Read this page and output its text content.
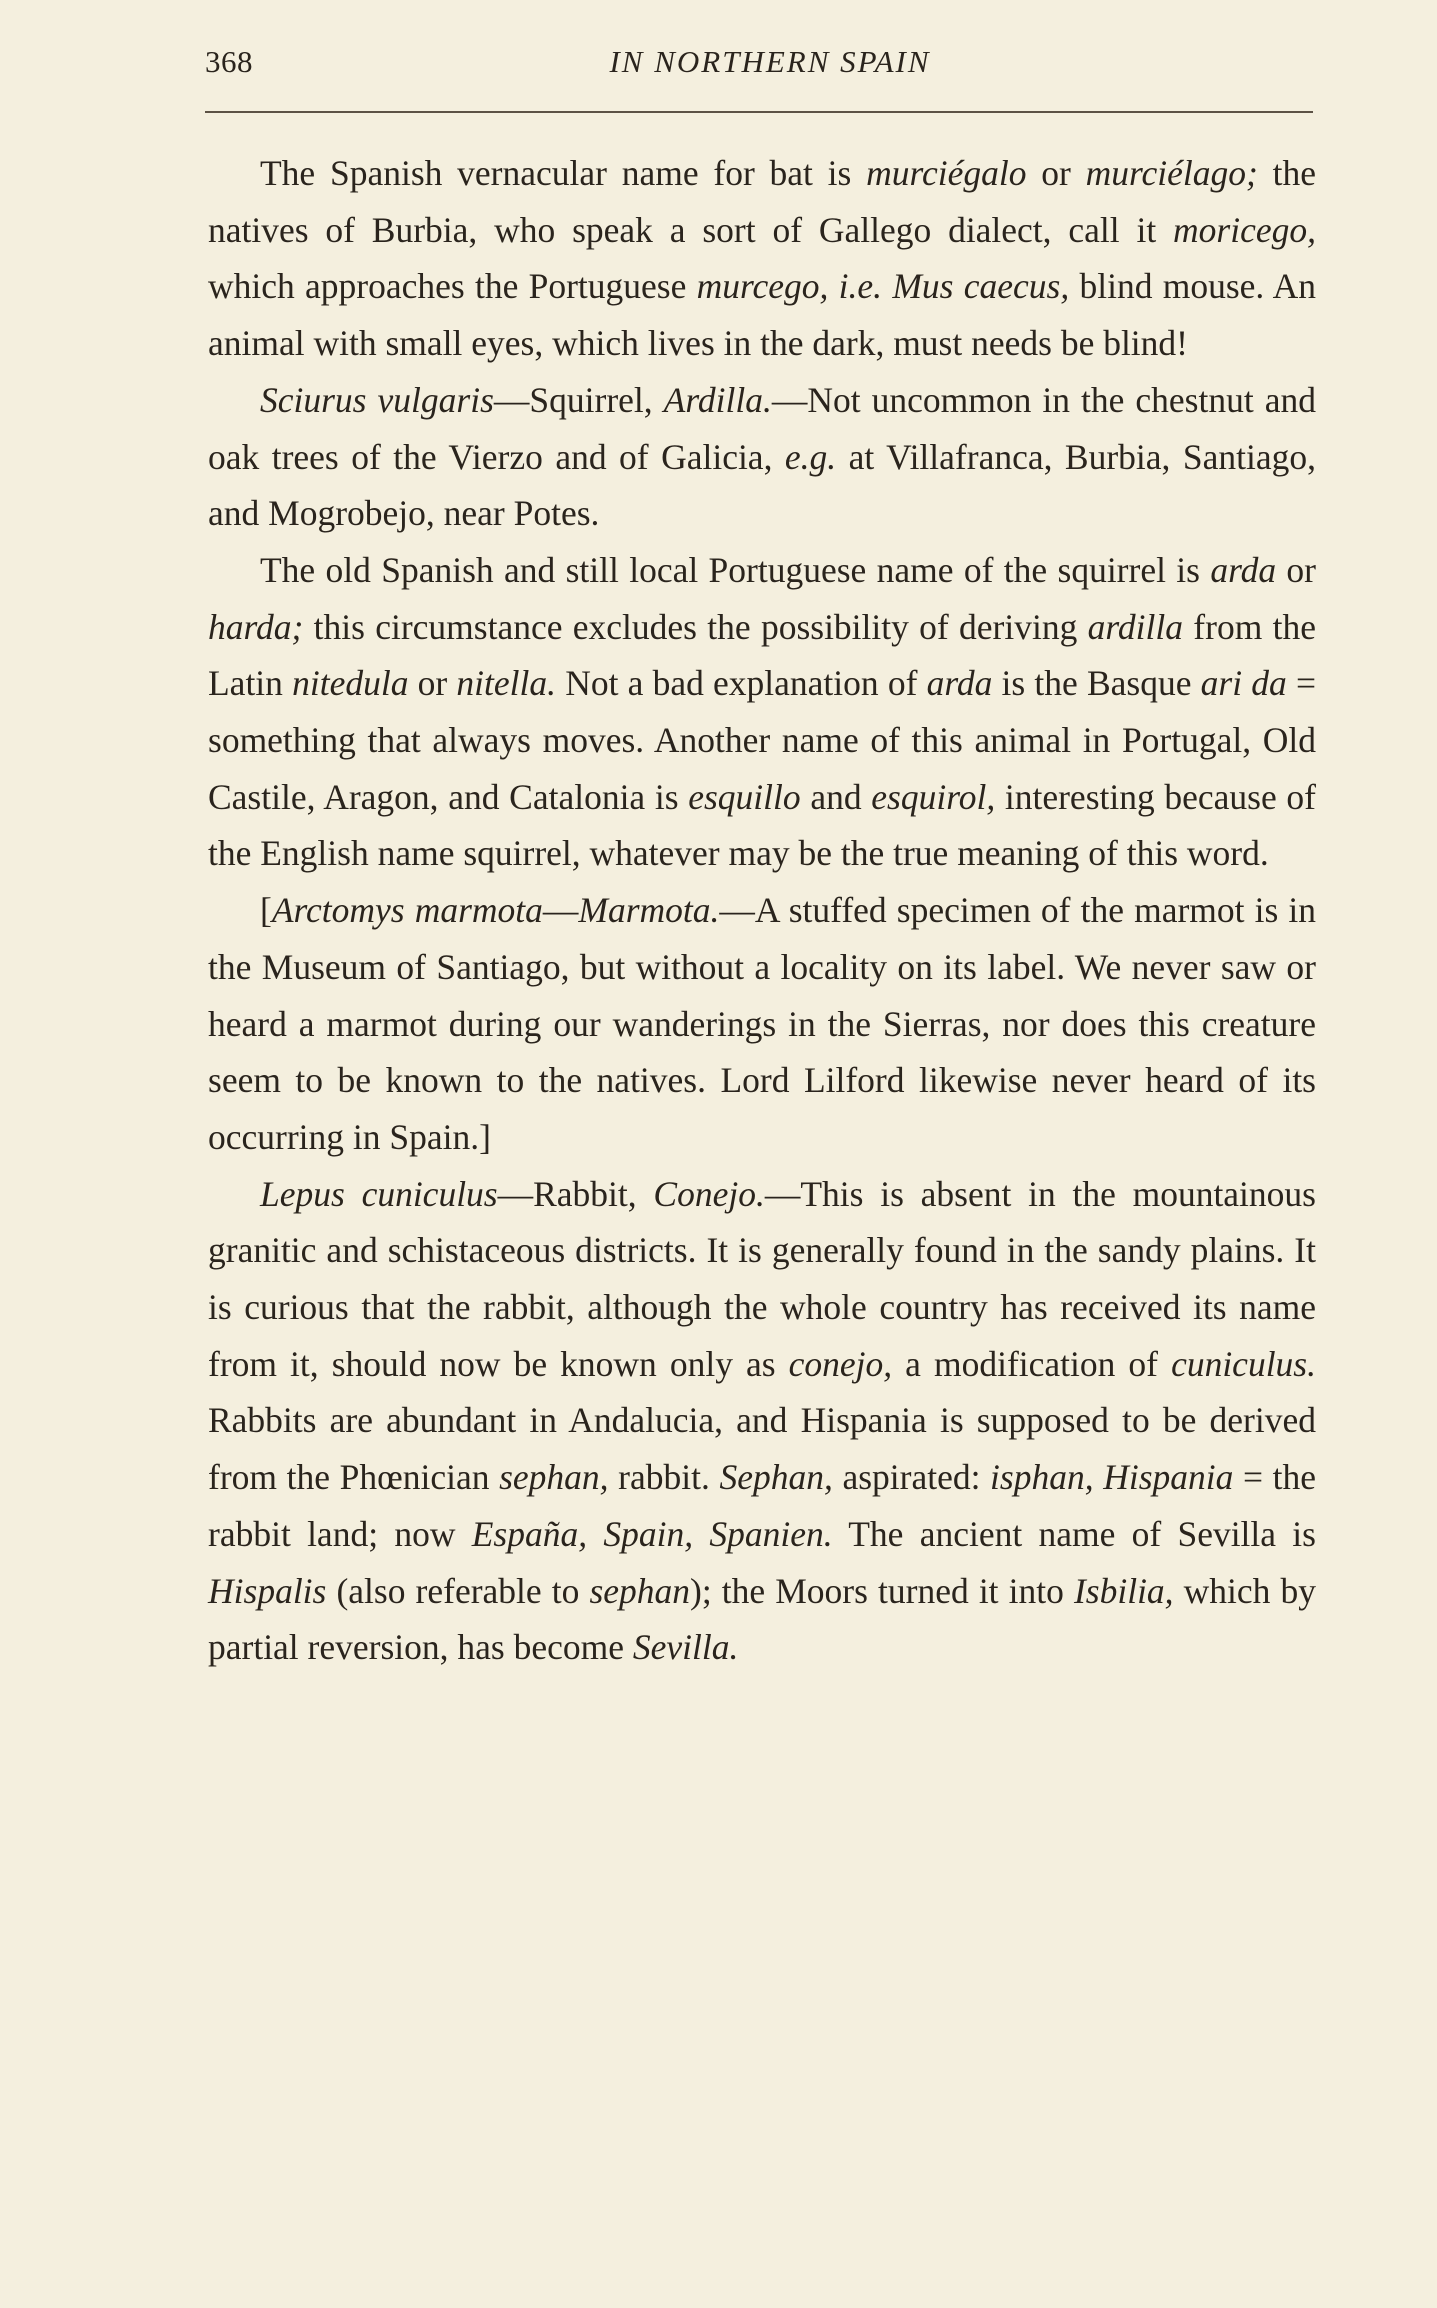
368	IN NORTHERN SPAIN

The Spanish vernacular name for bat is murciégalo or murciélago; the natives of Burbia, who speak a sort of Gallego dialect, call it moricego, which approaches the Portuguese murcego, i.e. Mus caecus, blind mouse. An animal with small eyes, which lives in the dark, must needs be blind!

Sciurus vulgaris—Squirrel, Ardilla.—Not uncommon in the chestnut and oak trees of the Vierzo and of Galicia, e.g. at Villafranca, Burbia, Santiago, and Mogrobejo, near Potes.

The old Spanish and still local Portuguese name of the squirrel is arda or harda; this circumstance excludes the possibility of deriving ardilla from the Latin nitedula or nitella. Not a bad explanation of arda is the Basque ari da = something that always moves. Another name of this animal in Portugal, Old Castile, Aragon, and Catalonia is esquillo and esquirol, interesting because of the English name squirrel, whatever may be the true meaning of this word.

[Arctomys marmota—Marmota.—A stuffed specimen of the marmot is in the Museum of Santiago, but without a locality on its label. We never saw or heard a marmot during our wanderings in the Sierras, nor does this creature seem to be known to the natives. Lord Lilford likewise never heard of its occurring in Spain.]

Lepus cuniculus—Rabbit, Conejo.—This is absent in the mountainous granitic and schistaceous districts. It is generally found in the sandy plains. It is curious that the rabbit, although the whole country has received its name from it, should now be known only as conejo, a modification of cuniculus. Rabbits are abundant in Andalucia, and Hispania is supposed to be derived from the Phœnician sephan, rabbit. Sephan, aspirated: isphan, Hispania = the rabbit land; now España, Spain, Spanien. The ancient name of Sevilla is Hispalis (also referable to sephan); the Moors turned it into Isbilia, which by partial reversion, has become Sevilla.
